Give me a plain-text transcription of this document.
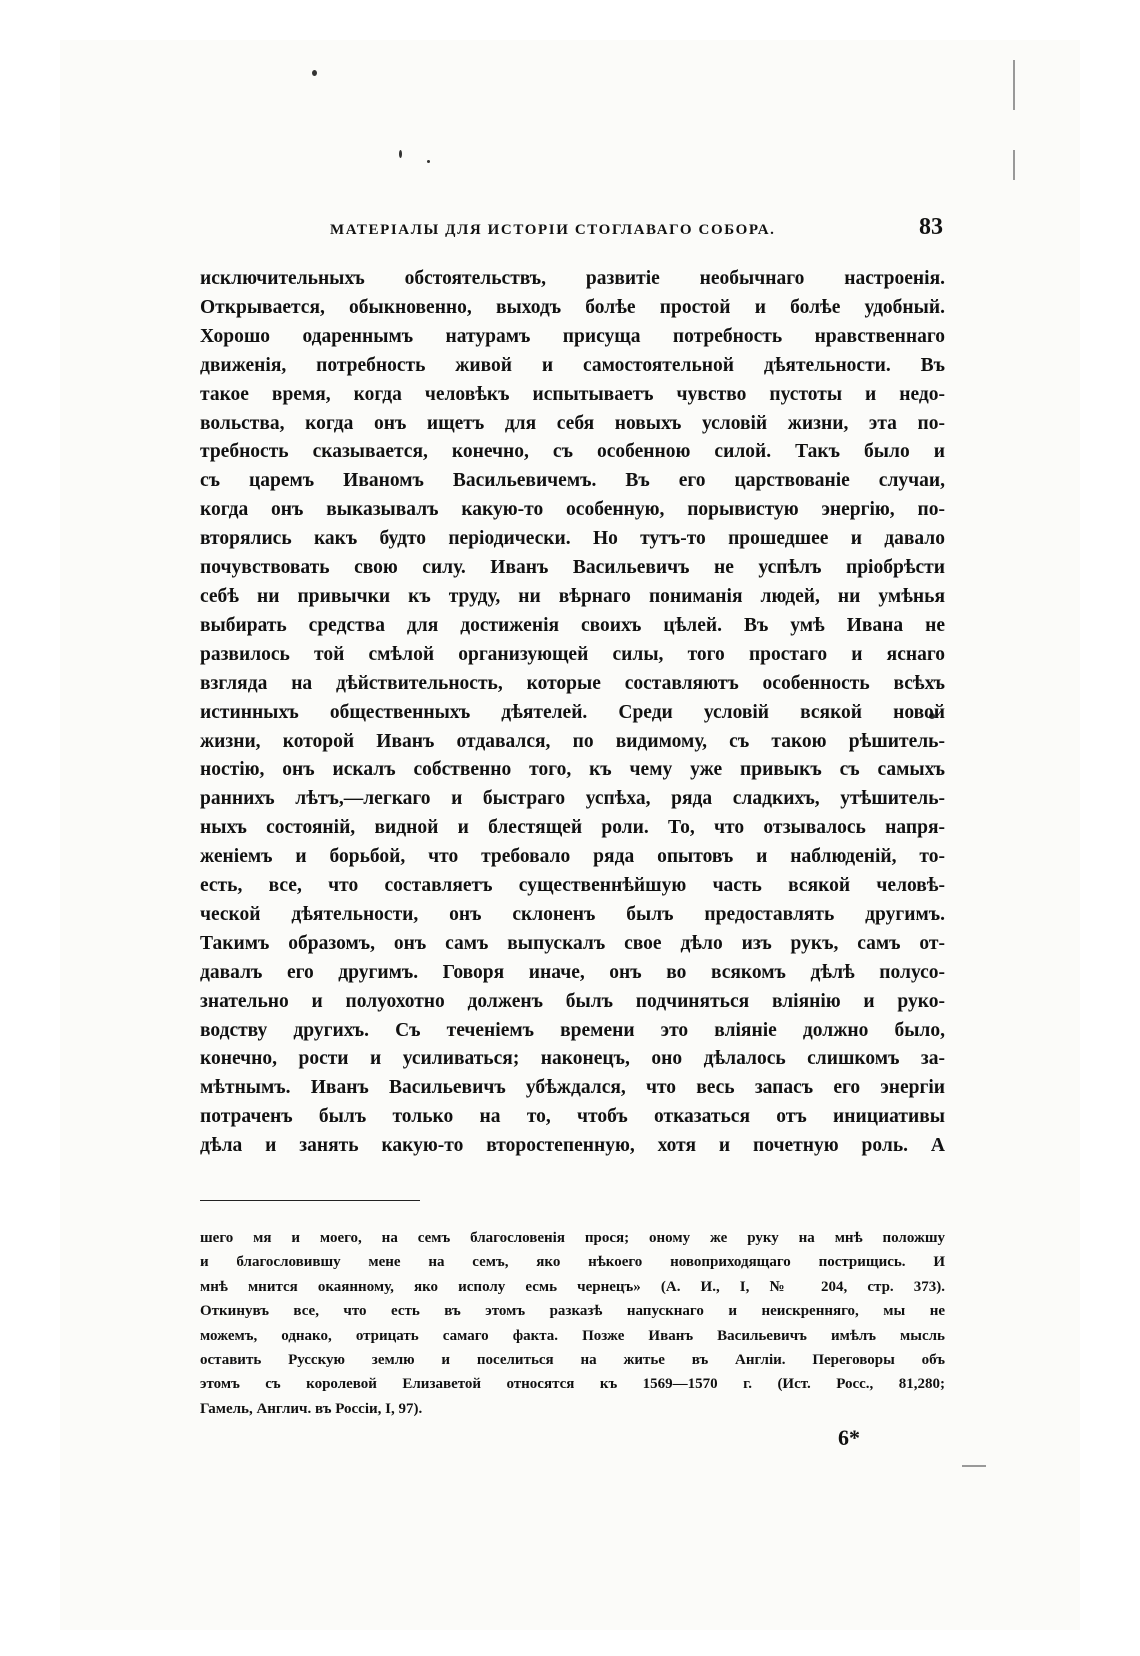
МАТЕРІАЛЫ ДЛЯ ИСТОРІИ СТОГЛАВАГО СОБОРА.	83

исключительныхъ обстоятельствъ, развитіе необычнаго настроенія.
Открывается, обыкновенно, выходъ болѣе простой и болѣе удобный.
Хорошо одареннымъ натурамъ присуща потребность нравственнаго
движенія, потребность живой и самостоятельной дѣятельности. Въ
такое время, когда человѣкъ испытываетъ чувство пустоты и недо-
вольства, когда онъ ищетъ для себя новыхъ условій жизни, эта по-
требность сказывается, конечно, съ особенною силой. Такъ было и
съ царемъ Иваномъ Васильевичемъ. Въ его царствованіе случаи,
когда онъ выказывалъ какую-то особенную, порывистую энергію, по-
вторялись какъ будто періодически. Но тутъ-то прошедшее и давало
почувствовать свою силу. Иванъ Васильевичъ не успѣлъ пріобрѣсти
себѣ ни привычки къ труду, ни вѣрнаго пониманія людей, ни умѣнья
выбирать средства для достиженія своихъ цѣлей. Въ умѣ Ивана не
развилось той смѣлой организующей силы, того простаго и яснаго
взгляда на дѣйствительность, которые составляютъ особенность всѣхъ
истинныхъ общественныхъ дѣятелей. Среди условій всякой новой
жизни, которой Иванъ отдавался, по видимому, съ такою рѣшитель-
ностію, онъ искалъ собственно того, къ чему уже привыкъ съ самыхъ
раннихъ лѣтъ,—легкаго и быстраго успѣха, ряда сладкихъ, утѣшитель-
ныхъ состояній, видной и блестящей роли. То, что отзывалось напря-
женіемъ и борьбой, что требовало ряда опытовъ и наблюденій, то-
есть, все, что составляетъ существеннѣйшую часть всякой человѣ-
ческой дѣятельности, онъ склоненъ былъ предоставлять другимъ.
Такимъ образомъ, онъ самъ выпускалъ свое дѣло изъ рукъ, самъ от-
давалъ его другимъ. Говоря иначе, онъ во всякомъ дѣлѣ полусо-
знательно и полуохотно долженъ былъ подчиняться вліянію и руко-
водству другихъ. Съ теченіемъ времени это вліяніе должно было,
конечно, рости и усиливаться; наконецъ, оно дѣлалось слишкомъ за-
мѣтнымъ. Иванъ Васильевичъ убѣждался, что весь запасъ его энергіи
потраченъ былъ только на то, чтобъ отказаться отъ инициативы
дѣла и занять какую-то второстепенную, хотя и почетную роль. А

шего мя и моего, на семъ благословенія прося; оному же руку на мнѣ положшу
и благословившу мене на семъ, яко нѣкоего новоприходящаго пострищись. И
мнѣ мнится окаянному, яко исполу есмь чернецъ» (А. И., І, № 204, стр. 373).
Откинувъ все, что есть въ этомъ разказѣ напускнаго и неискренняго, мы не
можемъ, однако, отрицать самаго факта. Позже Иванъ Васильевичъ имѣлъ мысль
оставить Русскую землю и поселиться на житье въ Англіи. Переговоры объ
этомъ съ королевой Елизаветой относятся къ 1569—1570 г. (Ист. Росс., 81,280;
Гамель, Англич. въ Россіи, І, 97).

6*
